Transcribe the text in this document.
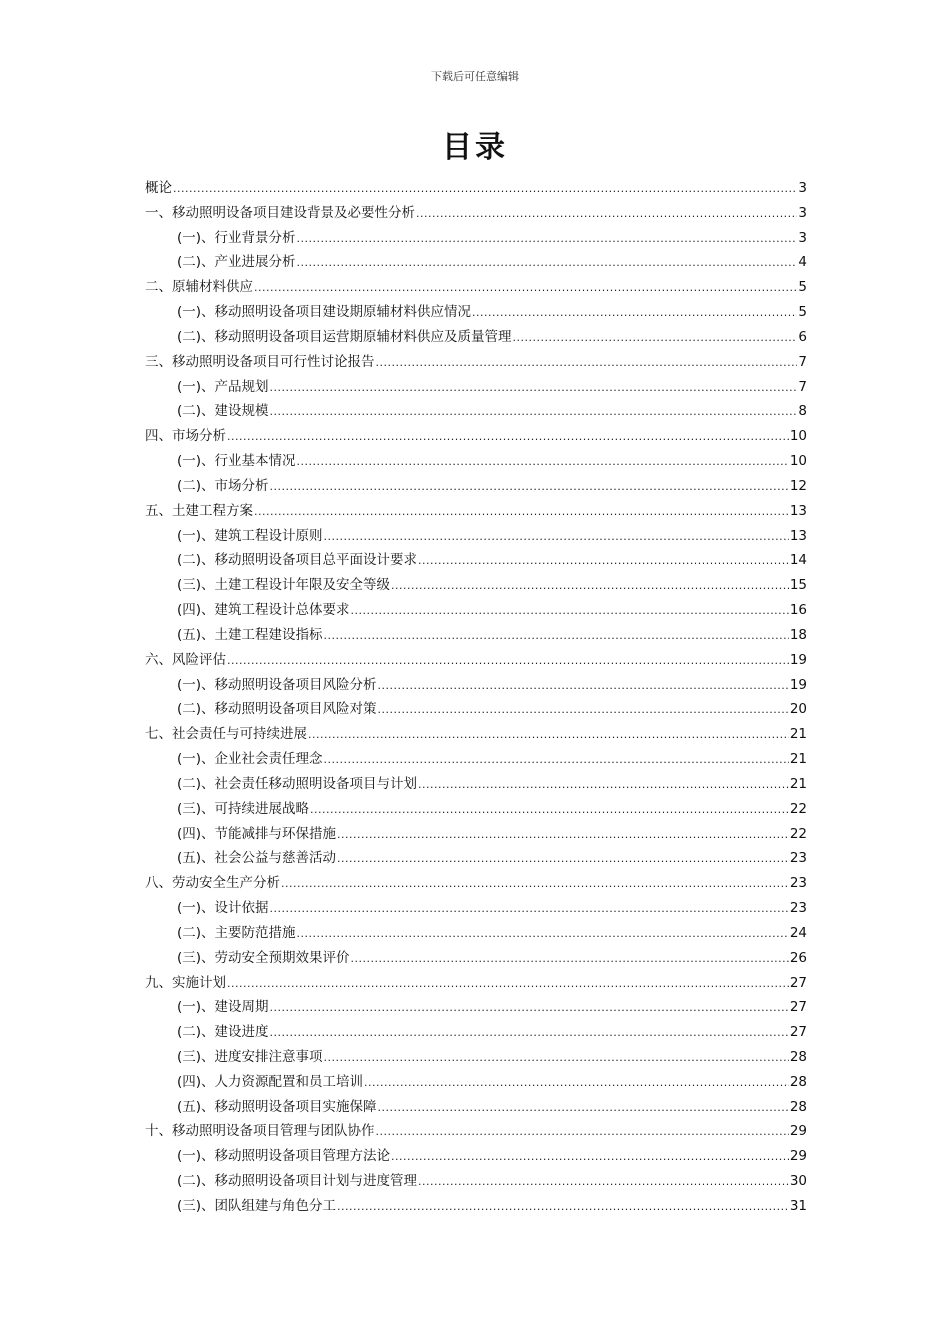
下载后可任意编辑
目录
概论 .....	3
一、移动照明设备项目建设背景及必要性分析 .....	3
(一)、行业背景分析 .....	3
(二)、产业进展分析 .....	4
二、原辅材料供应 .....	5
(一)、移动照明设备项目建设期原辅材料供应情况 .....	5
(二)、移动照明设备项目运营期原辅材料供应及质量管理 .....	6
三、移动照明设备项目可行性讨论报告 .....	7
(一)、产品规划 .....	7
(二)、建设规模 .....	8
四、市场分析 .....	10
(一)、行业基本情况 .....	10
(二)、市场分析 .....	12
五、土建工程方案 .....	13
(一)、建筑工程设计原则 .....	13
(二)、移动照明设备项目总平面设计要求 .....	14
(三)、土建工程设计年限及安全等级 .....	15
(四)、建筑工程设计总体要求 .....	16
(五)、土建工程建设指标 .....	18
六、风险评估 .....	19
(一)、移动照明设备项目风险分析 .....	19
(二)、移动照明设备项目风险对策 .....	20
七、社会责任与可持续进展 .....	21
(一)、企业社会责任理念 .....	21
(二)、社会责任移动照明设备项目与计划 .....	21
(三)、可持续进展战略 .....	22
(四)、节能减排与环保措施 .....	22
(五)、社会公益与慈善活动 .....	23
八、劳动安全生产分析 .....	23
(一)、设计依据 .....	23
(二)、主要防范措施 .....	24
(三)、劳动安全预期效果评价 .....	26
九、实施计划 .....	27
(一)、建设周期 .....	27
(二)、建设进度 .....	27
(三)、进度安排注意事项 .....	28
(四)、人力资源配置和员工培训 .....	28
(五)、移动照明设备项目实施保障 .....	28
十、移动照明设备项目管理与团队协作 .....	29
(一)、移动照明设备项目管理方法论 .....	29
(二)、移动照明设备项目计划与进度管理 .....	30
(三)、团队组建与角色分工 .....	31
